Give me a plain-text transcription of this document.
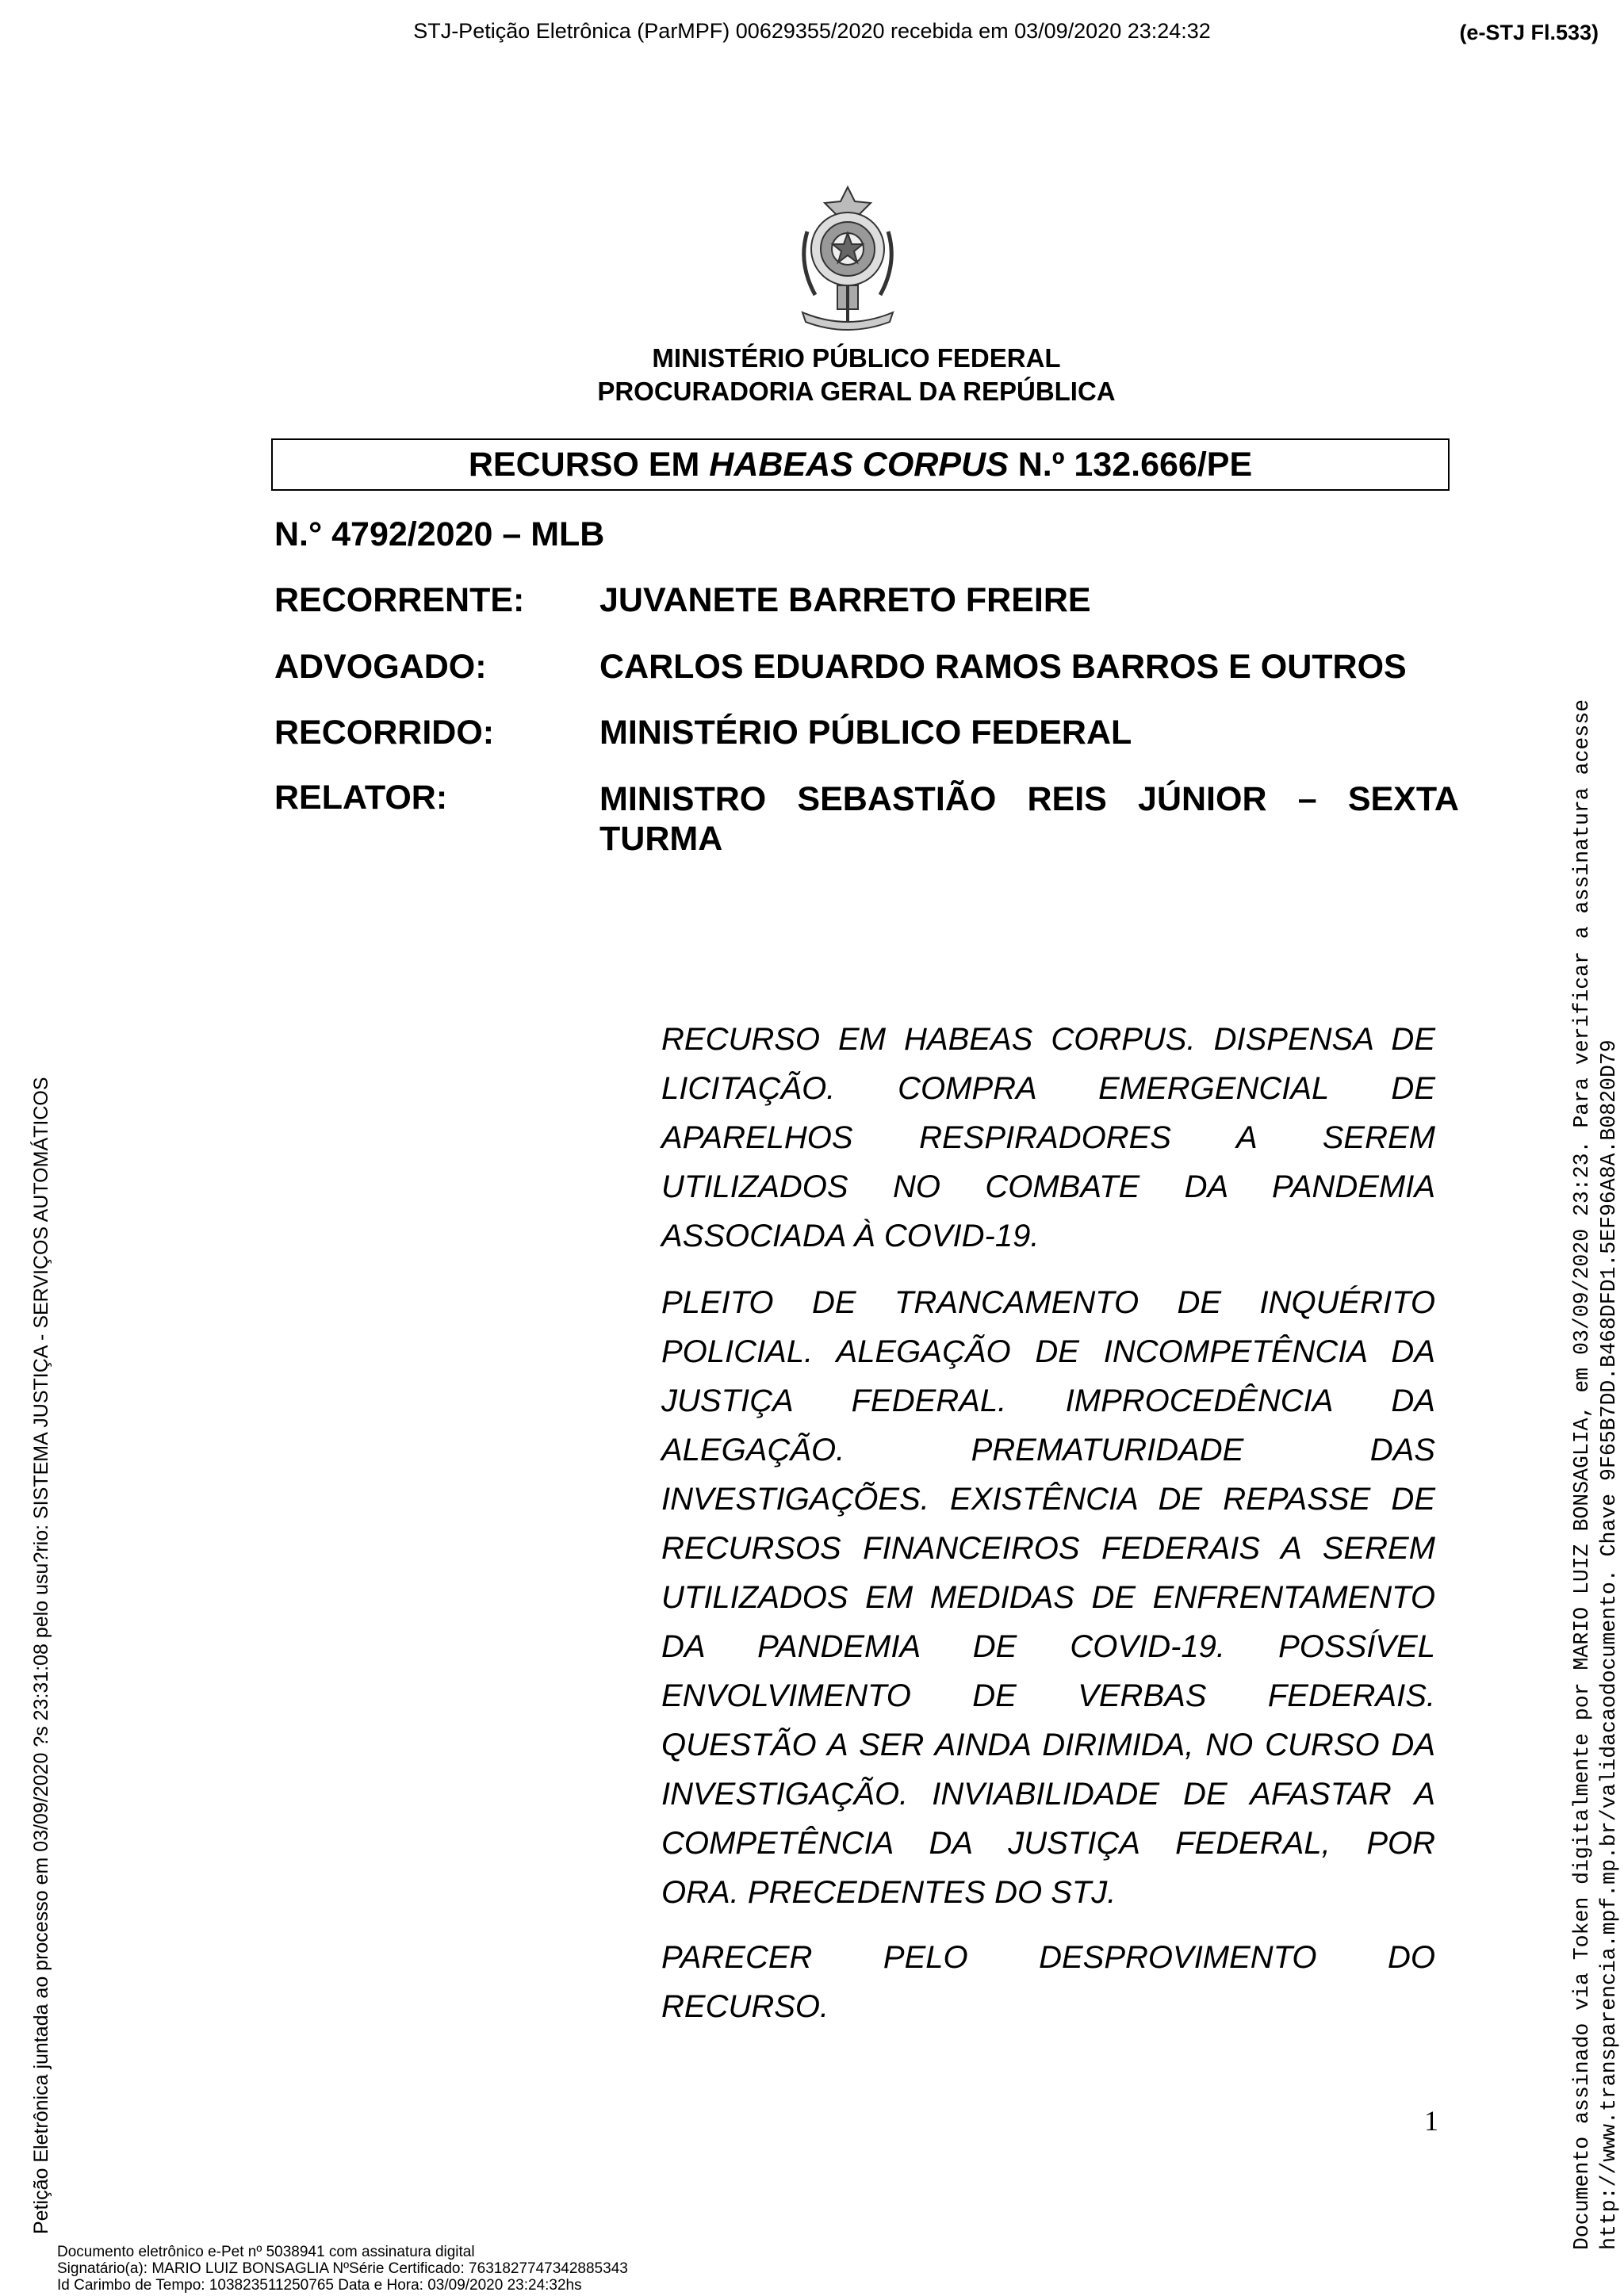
STJ-Petição Eletrônica (ParMPF) 00629355/2020 recebida em 03/09/2020 23:24:32	(e-STJ Fl.533)
MINISTÉRIO PÚBLICO FEDERAL
PROCURADORIA GERAL DA REPÚBLICA
RECURSO EM HABEAS CORPUS N.º 132.666/PE
N.° 4792/2020 – MLB
RECORRENTE: JUVANETE BARRETO FREIRE
ADVOGADO:	CARLOS EDUARDO RAMOS BARROS E OUTROS
RECORRIDO:	MINISTÉRIO PÚBLICO FEDERAL
RELATOR:	MINISTRO SEBASTIÃO REIS JÚNIOR – SEXTA
TURMA
RECURSO EM HABEAS CORPUS. DISPENSA DE LICITAÇÃO. COMPRA EMERGENCIAL DE APARELHOS RESPIRADORES A SEREM UTILIZADOS NO COMBATE DA PANDEMIA
ASSOCIADA À COVID-19.
PLEITO DE TRANCAMENTO DE INQUÉRITO POLICIAL. ALEGAÇÃO DE INCOMPETÊNCIA DA JUSTIÇA FEDERAL. IMPROCEDÊNCIA DA ALEGAÇÃO. PREMATURIDADE DAS INVESTIGAÇÕES. EXISTÊNCIA DE REPASSE DE RECURSOS FINANCEIROS FEDERAIS A SEREM UTILIZADOS EM MEDIDAS DE ENFRENTAMENTO DA PANDEMIA DE COVID-19. POSSÍVEL ENVOLVIMENTO DE VERBAS FEDERAIS. QUESTÃO A SER AINDA DIRIMIDA, NO CURSO DA INVESTIGAÇÃO. INVIABILIDADE DE AFASTAR A COMPETÊNCIA DA JUSTIÇA FEDERAL, POR
ORA. PRECEDENTES DO STJ.
PARECER PELO DESPROVIMENTO DO
RECURSO.
1
Documento eletrônico e-Pet nº 5038941 com assinatura digital
Signatário(a): MARIO LUIZ BONSAGLIA NºSérie Certificado: 7631827747342885343
Id Carimbo de Tempo: 103823511250765 Data e Hora: 03/09/2020 23:24:32hs
Petição Eletrônica juntada ao processo em 03/09/2020 ?s 23:31:08 pelo usu?rio: SISTEMA JUSTIÇA - SERVIÇOS AUTOMÁTICOS	Documento assinado via Token digitalmente por MARIO LUIZ BONSAGLIA, em 03/09/2020 23:23. Para verificar a assinatura acesse http://www.transparencia.mpf.mp.br/validacaodocumento. Chave 9F65B7DD.B468DFD1.5EF96A8A.B0820D79
